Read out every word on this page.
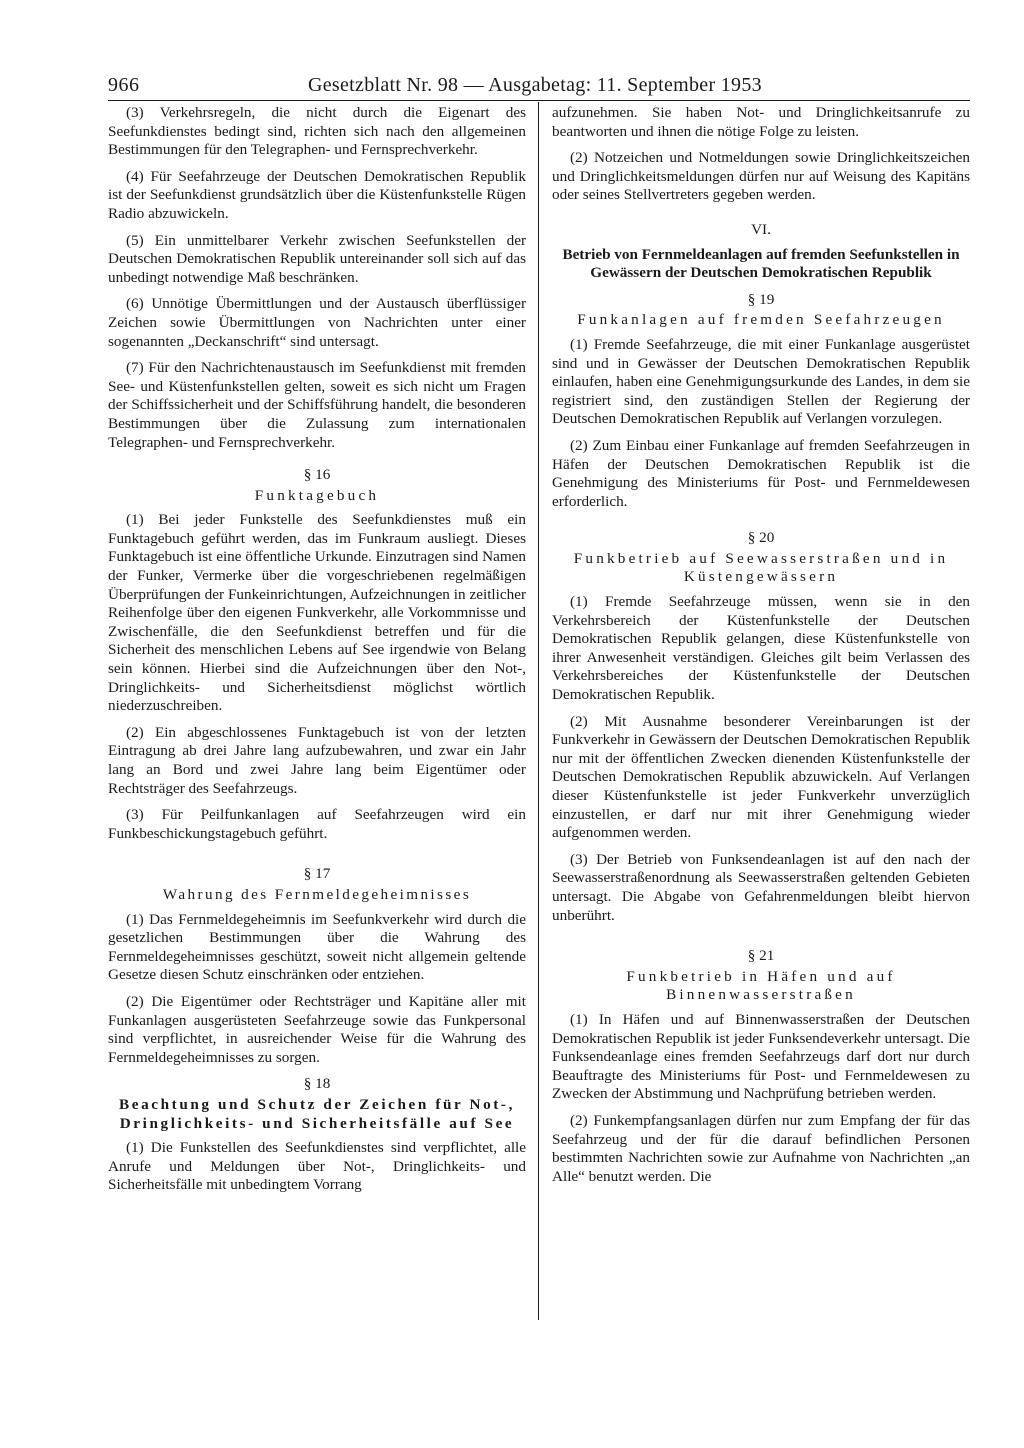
966	Gesetzblatt Nr. 98 — Ausgabetag: 11. September 1953

(3) Verkehrsregeln, die nicht durch die Eigenart des Seefunkdienstes bedingt sind, richten sich nach den allgemeinen Bestimmungen für den Telegraphen- und Fernsprechverkehr.

(4) Für Seefahrzeuge der Deutschen Demokratischen Republik ist der Seefunkdienst grundsätzlich über die Küstenfunkstelle Rügen Radio abzuwickeln.

(5) Ein unmittelbarer Verkehr zwischen Seefunkstellen der Deutschen Demokratischen Republik untereinander soll sich auf das unbedingt notwendige Maß beschränken.

(6) Unnötige Übermittlungen und der Austausch überflüssiger Zeichen sowie Übermittlungen von Nachrichten unter einer sogenannten „Deckanschrift“ sind untersagt.

(7) Für den Nachrichtenaustausch im Seefunkdienst mit fremden See- und Küstenfunkstellen gelten, soweit es sich nicht um Fragen der Schiffssicherheit und der Schiffsführung handelt, die besonderen Bestimmungen über die Zulassung zum internationalen Telegraphen- und Fernsprechverkehr.

§ 16
Funktagebuch

(1) Bei jeder Funkstelle des Seefunkdienstes muß ein Funktagebuch geführt werden, das im Funkraum ausliegt. Dieses Funktagebuch ist eine öffentliche Urkunde. Einzutragen sind Namen der Funker, Vermerke über die vorgeschriebenen regelmäßigen Überprüfungen der Funkeinrichtungen, Aufzeichnungen in zeitlicher Reihenfolge über den eigenen Funkverkehr, alle Vorkommnisse und Zwischenfälle, die den Seefunkdienst betreffen und für die Sicherheit des menschlichen Lebens auf See irgendwie von Belang sein können. Hierbei sind die Aufzeichnungen über den Not-, Dringlichkeits- und Sicherheitsdienst möglichst wörtlich niederzuschreiben.

(2) Ein abgeschlossenes Funktagebuch ist von der letzten Eintragung ab drei Jahre lang aufzubewahren, und zwar ein Jahr lang an Bord und zwei Jahre lang beim Eigentümer oder Rechtsträger des Seefahrzeugs.

(3) Für Peilfunkanlagen auf Seefahrzeugen wird ein Funkbeschickungstagebuch geführt.

§ 17
Wahrung des Fernmeldegeheimnisses

(1) Das Fernmeldegeheimnis im Seefunkverkehr wird durch die gesetzlichen Bestimmungen über die Wahrung des Fernmeldegeheimnisses geschützt, soweit nicht allgemein geltende Gesetze diesen Schutz einschränken oder entziehen.

(2) Die Eigentümer oder Rechtsträger und Kapitäne aller mit Funkanlagen ausgerüsteten Seefahrzeuge sowie das Funkpersonal sind verpflichtet, in ausreichender Weise für die Wahrung des Fernmeldegeheimnisses zu sorgen.

§ 18
Beachtung und Schutz der Zeichen für Not-, Dringlichkeits- und Sicherheitsfälle auf See

(1) Die Funkstellen des Seefunkdienstes sind verpflichtet, alle Anrufe und Meldungen über Not-, Dringlichkeits- und Sicherheitsfälle mit unbedingtem Vorrang

aufzunehmen. Sie haben Not- und Dringlichkeitsanrufe zu beantworten und ihnen die nötige Folge zu leisten.

(2) Notzeichen und Notmeldungen sowie Dringlichkeitszeichen und Dringlichkeitsmeldungen dürfen nur auf Weisung des Kapitäns oder seines Stellvertreters gegeben werden.

VI.
Betrieb von Fernmeldeanlagen auf fremden Seefunkstellen in Gewässern der Deutschen Demokratischen Republik
§ 19
Funkanlagen auf fremden Seefahrzeugen

(1) Fremde Seefahrzeuge, die mit einer Funkanlage ausgerüstet sind und in Gewässer der Deutschen Demokratischen Republik einlaufen, haben eine Genehmigungsurkunde des Landes, in dem sie registriert sind, den zuständigen Stellen der Regierung der Deutschen Demokratischen Republik auf Verlangen vorzulegen.

(2) Zum Einbau einer Funkanlage auf fremden Seefahrzeugen in Häfen der Deutschen Demokratischen Republik ist die Genehmigung des Ministeriums für Post- und Fernmeldewesen erforderlich.

§ 20
Funkbetrieb auf Seewasserstraßen und in Küstengewässern

(1) Fremde Seefahrzeuge müssen, wenn sie in den Verkehrsbereich der Küstenfunkstelle der Deutschen Demokratischen Republik gelangen, diese Küstenfunkstelle von ihrer Anwesenheit verständigen. Gleiches gilt beim Verlassen des Verkehrsbereiches der Küstenfunkstelle der Deutschen Demokratischen Republik.

(2) Mit Ausnahme besonderer Vereinbarungen ist der Funkverkehr in Gewässern der Deutschen Demokratischen Republik nur mit der öffentlichen Zwecken dienenden Küstenfunkstelle der Deutschen Demokratischen Republik abzuwickeln. Auf Verlangen dieser Küstenfunkstelle ist jeder Funkverkehr unverzüglich einzustellen, er darf nur mit ihrer Genehmigung wieder aufgenommen werden.

(3) Der Betrieb von Funksendeanlagen ist auf den nach der Seewasserstraßenordnung als Seewasserstraßen geltenden Gebieten untersagt. Die Abgabe von Gefahrenmeldungen bleibt hiervon unberührt.

§ 21
Funkbetrieb in Häfen und auf Binnenwasserstraßen

(1) In Häfen und auf Binnenwasserstraßen der Deutschen Demokratischen Republik ist jeder Funksendeverkehr untersagt. Die Funksendeanlage eines fremden Seefahrzeugs darf dort nur durch Beauftragte des Ministeriums für Post- und Fernmeldewesen zu Zwecken der Abstimmung und Nachprüfung betrieben werden.

(2) Funkempfangsanlagen dürfen nur zum Empfang der für das Seefahrzeug und der für die darauf befindlichen Personen bestimmten Nachrichten sowie zur Aufnahme von Nachrichten „an Alle“ benutzt werden. Die
